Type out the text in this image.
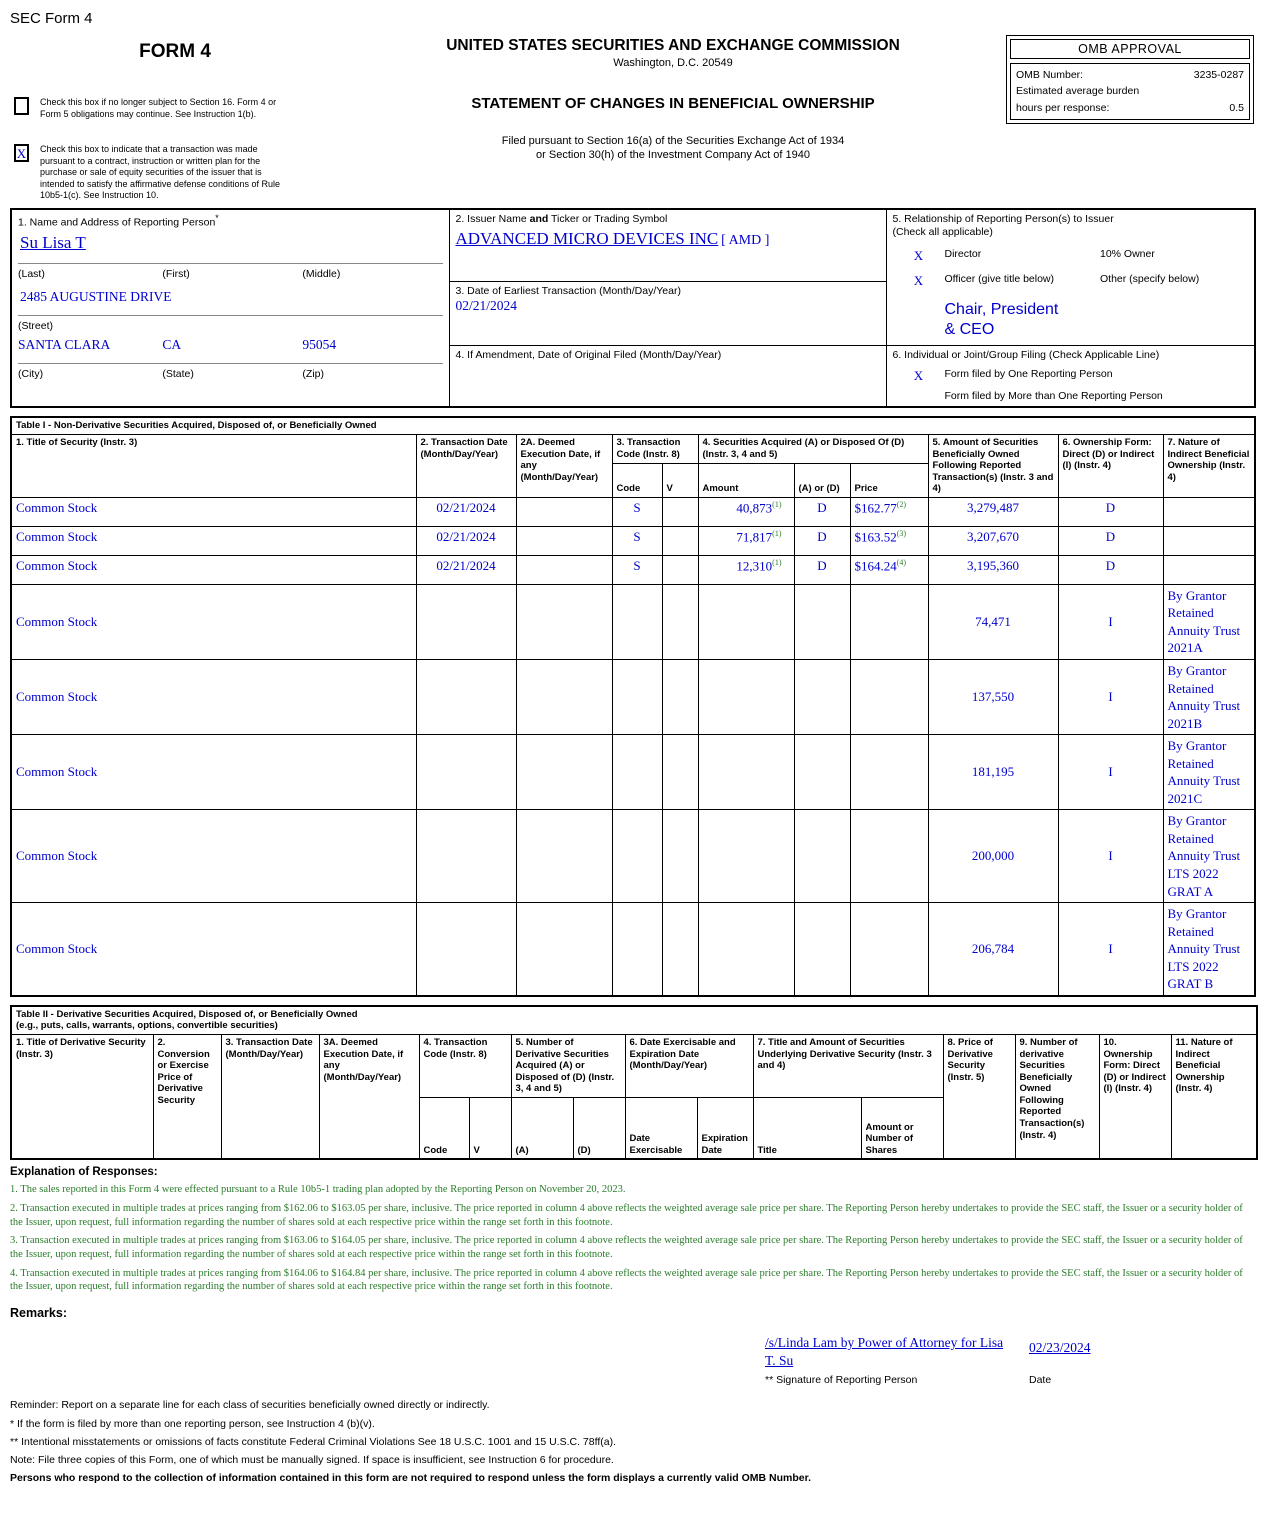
SEC Form 4
FORM 4
Check this box if no longer subject to Section 16. Form 4 or Form 5 obligations may continue. See Instruction 1(b).
X	Check this box to indicate that a transaction was made pursuant to a contract, instruction or written plan for the purchase or sale of equity securities of the issuer that is intended to satisfy the affirmative defense conditions of Rule 10b5-1(c). See Instruction 10.
UNITED STATES SECURITIES AND EXCHANGE COMMISSION
Washington, D.C. 20549
STATEMENT OF CHANGES IN BENEFICIAL OWNERSHIP
Filed pursuant to Section 16(a) of the Securities Exchange Act of 1934
or Section 30(h) of the Investment Company Act of 1940
OMB APPROVAL
OMB Number:	3235-0287
Estimated average burden
hours per response:	0.5
1. Name and Address of Reporting Person*
Su Lisa T
(Last)	(First)	(Middle)
2485 AUGUSTINE DRIVE
(Street)
SANTA CLARA	CA	95054
(City)	(State)	(Zip)

2. Issuer Name and Ticker or Trading Symbol
ADVANCED MICRO DEVICES INC [ AMD ]

5. Relationship of Reporting Person(s) to Issuer
(Check all applicable)
X	Director	10% Owner
X	Officer (give title below)	Other (specify below)
Chair, President & CEO

	3. Date of Earliest Transaction (Month/Day/Year)
02/21/2024	

	4. If Amendment, Date of Original Filed (Month/Day/Year)	6. Individual or Joint/Group Filing (Check Applicable Line)
X Form filed by One Reporting Person
Form filed by More than One Reporting Person
Table I - Non-Derivative Securities Acquired, Disposed of, or Beneficially Owned										
1. Title of Security (Instr. 3)	2. Transaction Date (Month/Day/Year)	2A. Deemed Execution Date, if any (Month/Day/Year)	3. Transaction Code (Instr. 8)		4. Securities Acquired (A) or Disposed Of (D) (Instr. 3, 4 and 5)			5. Amount of Securities Beneficially Owned Following Reported Transaction(s) (Instr. 3 and 4)	6. Ownership Form: Direct (D) or Indirect (I) (Instr. 4)	7. Nature of Indirect Beneficial Ownership (Instr. 4)
			Code	V	Amount	(A) or (D)	Price			
Common Stock	02/21/2024		S		40,873$^{(1)}$	D	$162.77$^{(2)}$	3,279,487	D	
Common Stock	02/21/2024		S		71,817$^{(1)}$	D	$163.52$^{(3)}$	3,207,670	D	
Common Stock	02/21/2024		S		12,310$^{(1)}$	D	$164.24$^{(4)}$	3,195,360	D	
Common Stock								74,471	I	By Grantor Retained Annuity Trust 2021A
Common Stock								137,550	I	By Grantor Retained Annuity Trust 2021B
Common Stock								181,195	I	By Grantor Retained Annuity Trust 2021C
Common Stock								200,000	I	By Grantor Retained Annuity Trust LTS 2022 GRAT A
Common Stock								206,784	I	By Grantor Retained Annuity Trust LTS 2022 GRAT B
Table II - Derivative Securities Acquired, Disposed of, or Beneficially Owned
(e.g., puts, calls, warrants, options, convertible securities)															

1. Title of Derivative Security (Instr. 3)	2. Conversion or Exercise Price of Derivative Security	3. Transaction Date (Month/Day/Year)	3A. Deemed Execution Date, if any (Month/Day/Year)	4. Transaction Code (Instr. 8)		5. Number of Derivative Securities Acquired (A) or Disposed of (D) (Instr. 3, 4 and 5)		6. Date Exercisable and Expiration Date (Month/Day/Year)		7. Title and Amount of Securities Underlying Derivative Security (Instr. 3 and 4)		8. Price of Derivative Security (Instr. 5)	9. Number of derivative Securities Beneficially Owned Following Reported Transaction(s) (Instr. 4)	10. Ownership Form: Direct (D) or Indirect (I) (Instr. 4)	11. Nature of Indirect Beneficial Ownership (Instr. 4)
				Code	V	(A)	(D)	Date Exercisable	Expiration Date	Title	Amount or Number of Shares				
Explanation of Responses:
1. The sales reported in this Form 4 were effected pursuant to a Rule 10b5-1 trading plan adopted by the Reporting Person on November 20, 2023.
2. Transaction executed in multiple trades at prices ranging from $162.06 to $163.05 per share, inclusive. The price reported in column 4 above reflects the weighted average sale price per share. The Reporting Person hereby undertakes to provide the SEC staff, the Issuer or a security holder of the Issuer, upon request, full information regarding the number of shares sold at each respective price within the range set forth in this footnote.
3. Transaction executed in multiple trades at prices ranging from $163.06 to $164.05 per share, inclusive. The price reported in column 4 above reflects the weighted average sale price per share. The Reporting Person hereby undertakes to provide the SEC staff, the Issuer or a security holder of the Issuer, upon request, full information regarding the number of shares sold at each respective price within the range set forth in this footnote.
4. Transaction executed in multiple trades at prices ranging from $164.06 to $164.84 per share, inclusive. The price reported in column 4 above reflects the weighted average sale price per share. The Reporting Person hereby undertakes to provide the SEC staff, the Issuer or a security holder of the Issuer, upon request, full information regarding the number of shares sold at each respective price within the range set forth in this footnote.
Remarks:
/s/Linda Lam by Power of Attorney for Lisa T. Su
02/23/2024
** Signature of Reporting Person	Date
Reminder: Report on a separate line for each class of securities beneficially owned directly or indirectly.
* If the form is filed by more than one reporting person, see Instruction 4 (b)(v).
** Intentional misstatements or omissions of facts constitute Federal Criminal Violations See 18 U.S.C. 1001 and 15 U.S.C. 78ff(a).
Note: File three copies of this Form, one of which must be manually signed. If space is insufficient, see Instruction 6 for procedure.
Persons who respond to the collection of information contained in this form are not required to respond unless the form displays a currently valid OMB Number.
